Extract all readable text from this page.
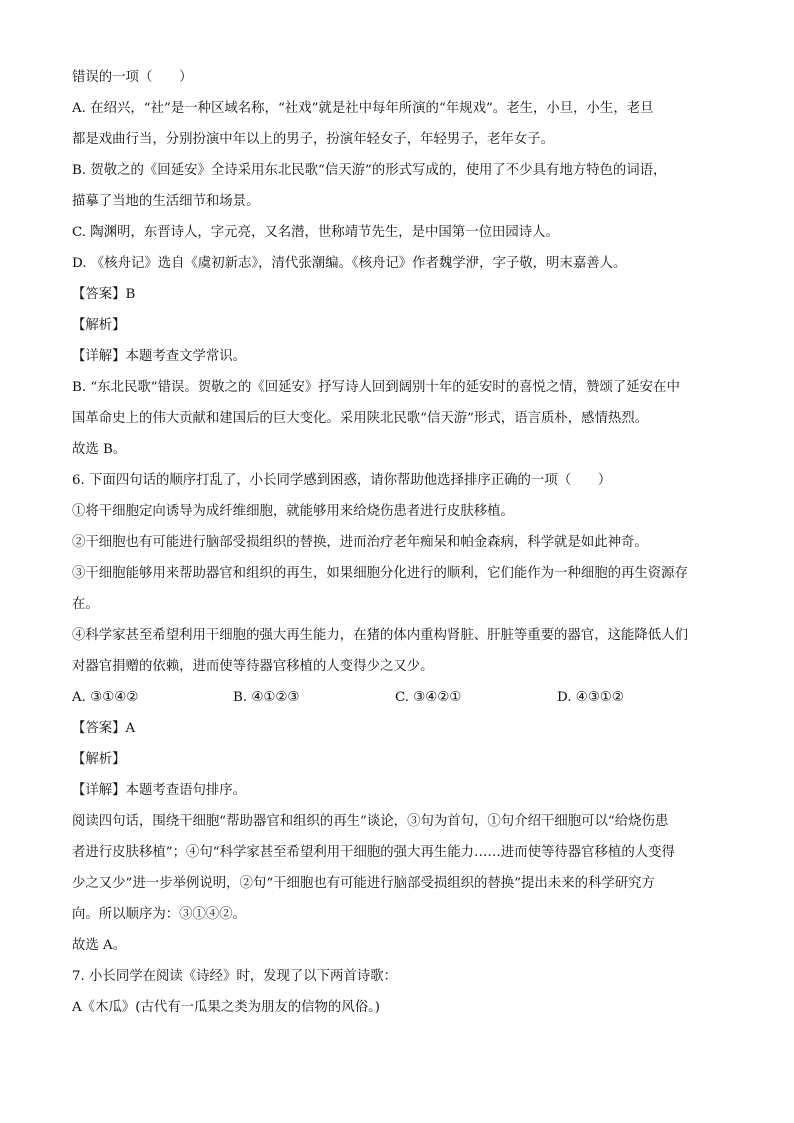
错误的一项（　　）
A. 在绍兴，“社”是一种区域名称，“社戏”就是社中每年所演的“年规戏”。老生，小旦，小生，老旦
都是戏曲行当，分别扮演中年以上的男子，扮演年轻女子，年轻男子，老年女子。
B. 贺敬之的《回延安》全诗采用东北民歌“信天游”的形式写成的，使用了不少具有地方特色的词语，
描摹了当地的生活细节和场景。
C. 陶渊明，东晋诗人，字元亮，又名潜，世称靖节先生，是中国第一位田园诗人。
D. 《核舟记》选自《虞初新志》，清代张潮编。《核舟记》作者魏学洢，字子敬，明末嘉善人。
【答案】B
【解析】
【详解】本题考查文学常识。
B. “东北民歌”错误。贺敬之的《回延安》抒写诗人回到阔别十年的延安时的喜悦之情，赞颂了延安在中
国革命史上的伟大贡献和建国后的巨大变化。采用陕北民歌“信天游”形式，语言质朴，感情热烈。
故选 B。
6. 下面四句话的顺序打乱了，小长同学感到困惑，请你帮助他选择排序正确的一项（　　）
①将干细胞定向诱导为成纤维细胞，就能够用来给烧伤患者进行皮肤移植。
②干细胞也有可能进行脑部受损组织的替换，进而治疗老年痴呆和帕金森病，科学就是如此神奇。
③干细胞能够用来帮助器官和组织的再生，如果细胞分化进行的顺利，它们能作为一种细胞的再生资源存
在。
④科学家甚至希望利用干细胞的强大再生能力，在猪的体内重构肾脏、肝脏等重要的器官，这能降低人们
对器官捐赠的依赖，进而使等待器官移植的人变得少之又少。
A. ③①④②	B. ④①②③	C. ③④②①	D. ④③①②
【答案】A
【解析】
【详解】本题考查语句排序。
阅读四句话，围绕干细胞“帮助器官和组织的再生”谈论，③句为首句，①句介绍干细胞可以“给烧伤患
者进行皮肤移植”；④句“科学家甚至希望利用干细胞的强大再生能力……进而使等待器官移植的人变得
少之又少”进一步举例说明，②句“干细胞也有可能进行脑部受损组织的替换”提出未来的科学研究方
向。所以顺序为：③①④②。
故选 A。
7. 小长同学在阅读《诗经》时，发现了以下两首诗歌：
A《木瓜》(古代有一瓜果之类为朋友的信物的风俗。)
